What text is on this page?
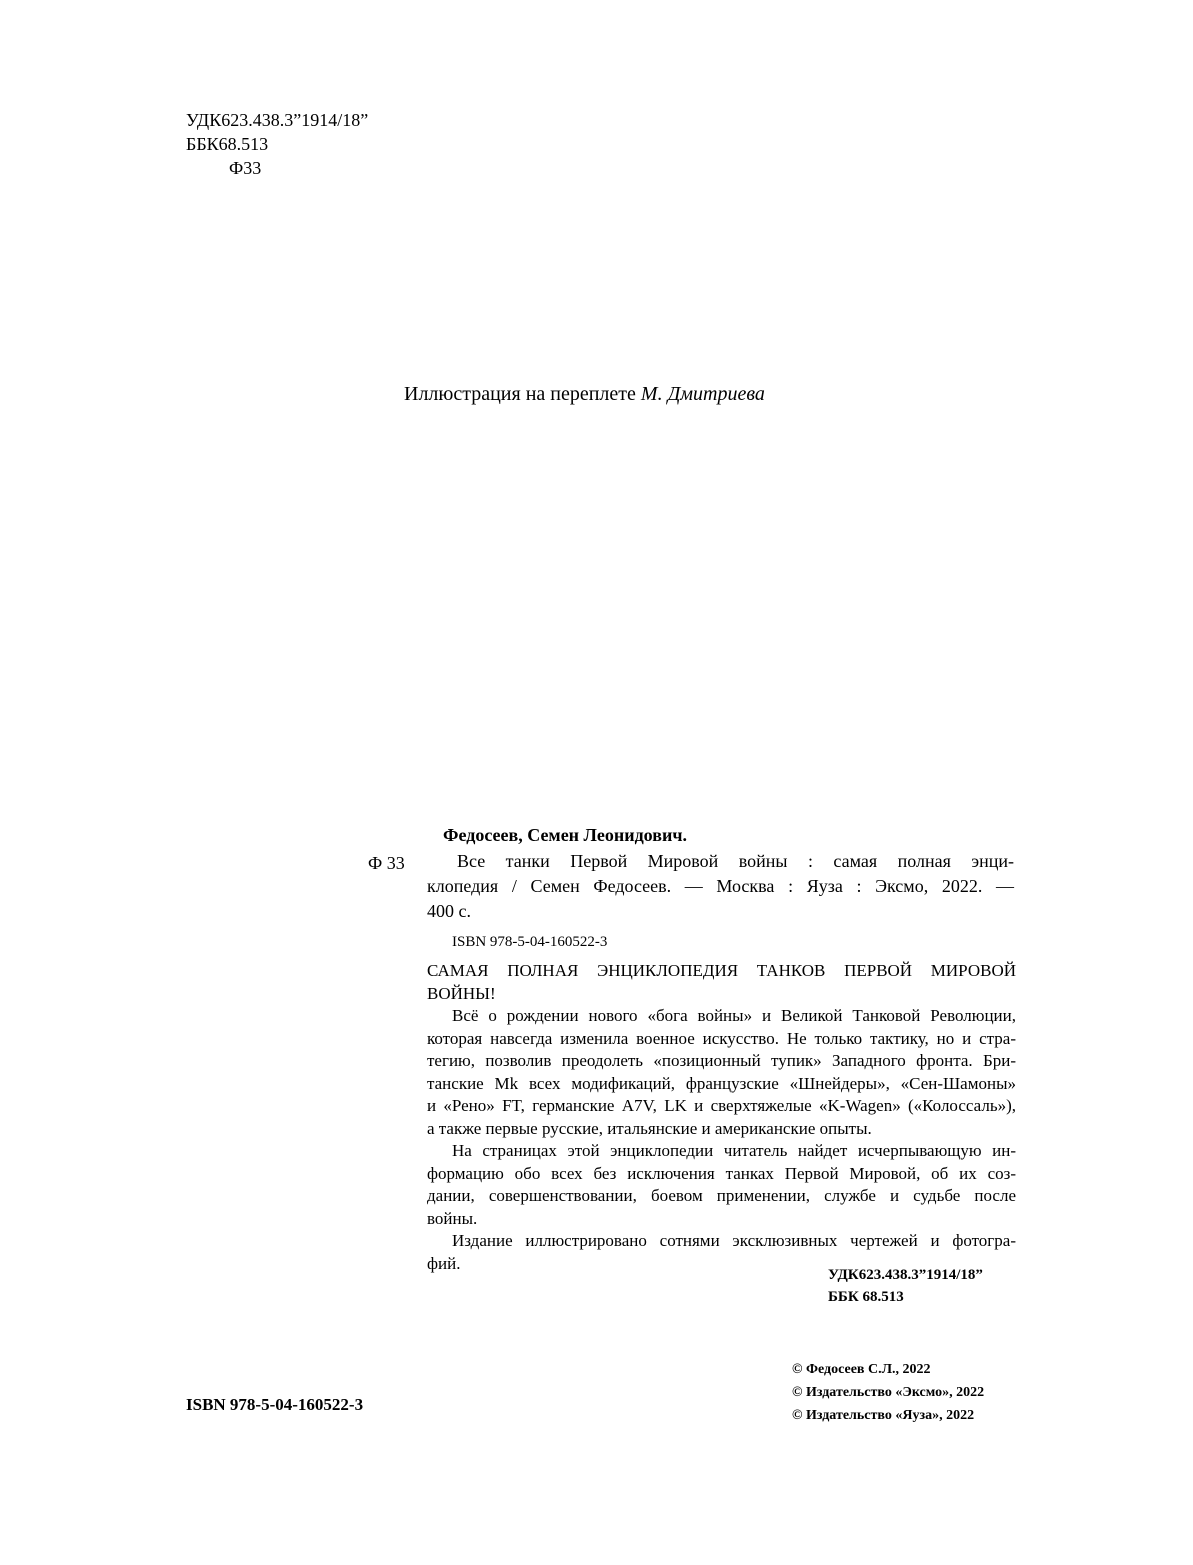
УДК623.438.3”1914/18”
ББК68.513
Ф33
Иллюстрация на переплете М. Дмитриева
Федосеев, Семен Леонидович.
Ф 33	Все танки Первой Мировой войны : самая полная энци-
клопедия / Семен Федосеев. — Москва : Яуза : Эксмо, 2022. —
400 с.
ISBN 978-5-04-160522-3
САМАЯ ПОЛНАЯ ЭНЦИКЛОПЕДИЯ ТАНКОВ ПЕРВОЙ МИРОВОЙ
ВОЙНЫ!
Всё о рождении нового «бога войны» и Великой Танковой Революции,
которая навсегда изменила военное искусство. Не только тактику, но и стра-
тегию, позволив преодолеть «позиционный тупик» Западного фронта. Бри-
танские Mk всех модификаций, французские «Шнейдеры», «Сен-Шамоны»
и «Рено» FT, германские A7V, LK и сверхтяжелые «K-Wagen» («Колоссаль»),
а также первые русские, итальянские и американские опыты.
На страницах этой энциклопедии читатель найдет исчерпывающую ин-
формацию обо всех без исключения танках Первой Мировой, об их соз-
дании, совершенствовании, боевом применении, службе и судьбе после
войны.
Издание иллюстрировано сотнями эксклюзивных чертежей и фотогра-
фий.
УДК623.438.3”1914/18”
ББК 68.513
ISBN 978-5-04-160522-3
© Федосеев С.Л., 2022
© Издательство «Эксмо», 2022
© Издательство «Яуза», 2022
